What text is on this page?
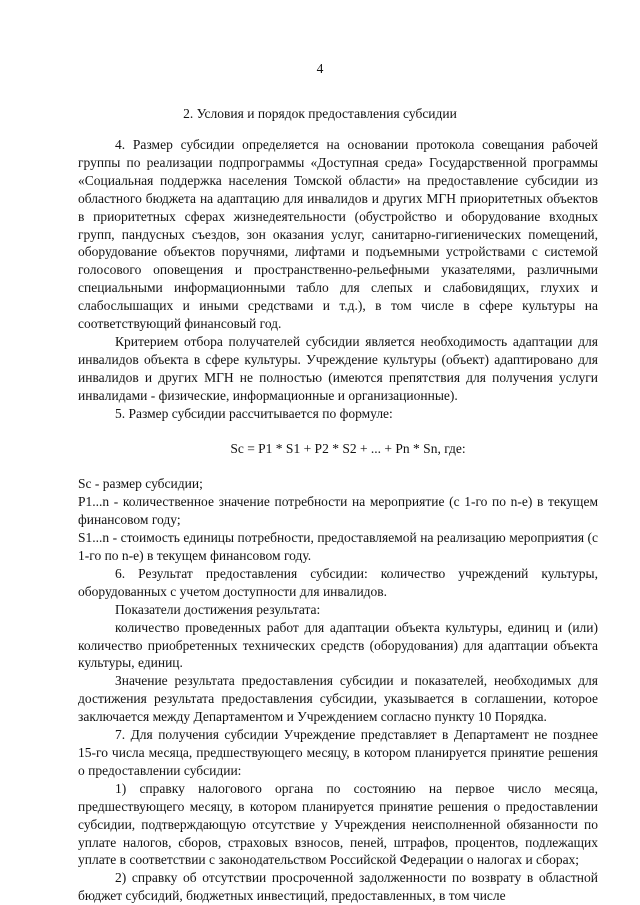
4
2. Условия и порядок предоставления субсидии

4. Размер субсидии определяется на основании протокола совещания рабочей группы по реализации подпрограммы «Доступная среда» Государственной программы «Социальная поддержка населения Томской области» на предоставление субсидии из областного бюджета на адаптацию для инвалидов и других МГН приоритетных объектов в приоритетных сферах жизнедеятельности (обустройство и оборудование входных групп, пандусных съездов, зон оказания услуг, санитарно-гигиенических помещений, оборудование объектов поручнями, лифтами и подъемными устройствами с системой голосового оповещения и пространственно-рельефными указателями, различными специальными информационными табло для слепых и слабовидящих, глухих и слабослышащих и иными средствами и т.д.), в том числе в сфере культуры на соответствующий финансовый год.

Критерием отбора получателей субсидии является необходимость адаптации для инвалидов объекта в сфере культуры. Учреждение культуры (объект) адаптировано для инвалидов и других МГН не полностью (имеются препятствия для получения услуги инвалидами - физические, информационные и организационные).

5. Размер субсидии рассчитывается по формуле:

Sc = P1 * S1 + P2 * S2 + ... + Pn * Sn, где:

Sc - размер субсидии;

P1...n - количественное значение потребности на мероприятие (с 1-го по n-е) в текущем финансовом году;

S1...n - стоимость единицы потребности, предоставляемой на реализацию мероприятия (с 1-го по n-е) в текущем финансовом году.

6. Результат предоставления субсидии: количество учреждений культуры, оборудованных с учетом доступности для инвалидов.

Показатели достижения результата:

количество проведенных работ для адаптации объекта культуры, единиц и (или) количество приобретенных технических средств (оборудования) для адаптации объекта культуры, единиц.

Значение результата предоставления субсидии и показателей, необходимых для достижения результата предоставления субсидии, указывается в соглашении, которое заключается между Департаментом и Учреждением согласно пункту 10 Порядка.

7. Для получения субсидии Учреждение представляет в Департамент не позднее 15-го числа месяца, предшествующего месяцу, в котором планируется принятие решения о предоставлении субсидии:

1) справку налогового органа по состоянию на первое число месяца, предшествующего месяцу, в котором планируется принятие решения о предоставлении субсидии, подтверждающую отсутствие у Учреждения неисполненной обязанности по уплате налогов, сборов, страховых взносов, пеней, штрафов, процентов, подлежащих уплате в соответствии с законодательством Российской Федерации о налогах и сборах;

2) справку об отсутствии просроченной задолженности по возврату в областной бюджет субсидий, бюджетных инвестиций, предоставленных, в том числе
